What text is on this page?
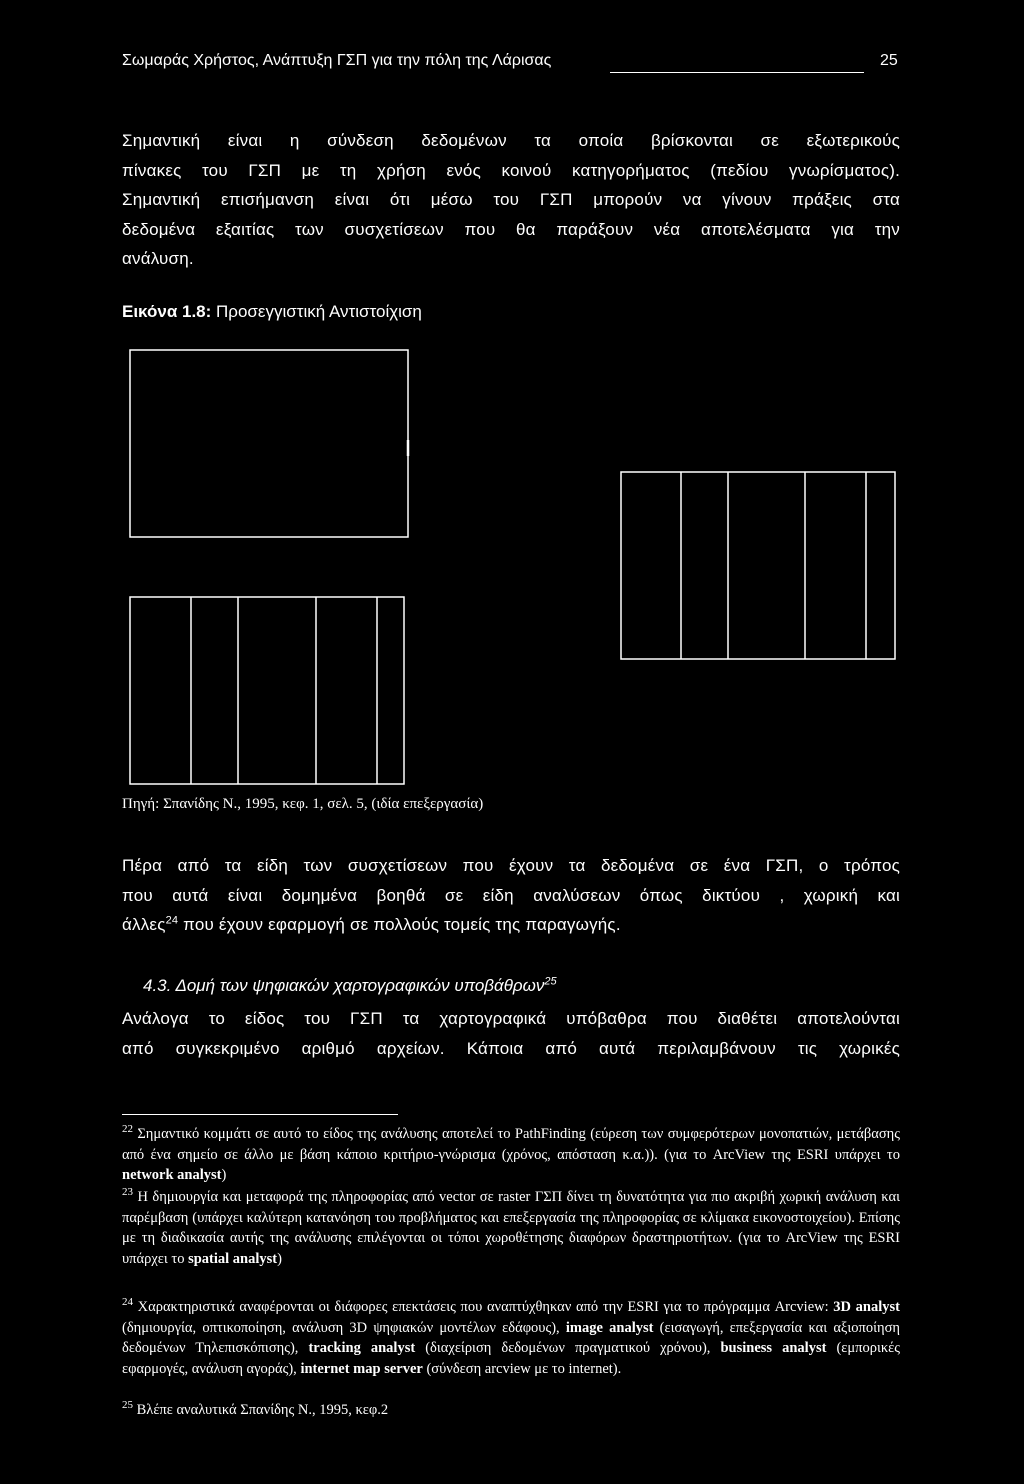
Σωμαράς Χρήστος, Ανάπτυξη ΓΣΠ για την πόλη της Λάρισας	25
Σημαντική είναι η σύνδεση δεδομένων τα οποία βρίσκονται σε εξωτερικούς
πίνακες του ΓΣΠ με τη χρήση ενός κοινού κατηγορήματος (πεδίου γνωρίσματος).
Σημαντική επισήμανση είναι ότι μέσω του ΓΣΠ μπορούν να γίνουν πράξεις στα
δεδομένα εξαιτίας των συσχετίσεων που θα παράξουν νέα αποτελέσματα για την
ανάλυση.
Εικόνα 1.8: Προσεγγιστική Αντιστοίχιση
Πηγή: Σπανίδης Ν., 1995, κεφ. 1, σελ. 5, (ιδία επεξεργασία)
Πέρα από τα είδη των συσχετίσεων που έχουν τα δεδομένα σε ένα ΓΣΠ, ο τρόπος
που αυτά είναι δομημένα βοηθά σε είδη αναλύσεων όπως δικτύου , χωρική και
άλλες$^{24}$ που έχουν εφαρμογή σε πολλούς τομείς της παραγωγής.
4.3. Δομή των ψηφιακών χαρτογραφικών υποβάθρων$^{25}$
Ανάλογα το είδος του ΓΣΠ τα χαρτογραφικά υπόβαθρα που διαθέτει αποτελούνται
από συγκεκριμένο αριθμό αρχείων. Κάποια από αυτά περιλαμβάνουν τις χωρικές
$^{22}$ Σημαντικό κομμάτι σε αυτό το είδος της ανάλυσης αποτελεί το PathFinding (εύρεση των συμφερότερων μονοπατιών, μετάβασης από ένα σημείο σε άλλο με βάση κάποιο κριτήριο-γνώρισμα (χρόνος, απόσταση κ.α.)). (για το ArcView της ESRI υπάρχει το network analyst)
$^{23}$ Η δημιουργία και μεταφορά της πληροφορίας από vector σε raster ΓΣΠ δίνει τη δυνατότητα για πιο ακριβή χωρική ανάλυση και παρέμβαση (υπάρχει καλύτερη κατανόηση του προβλήματος και επεξεργασία της πληροφορίας σε κλίμακα εικονοστοιχείου). Επίσης με τη διαδικασία αυτής της ανάλυσης επιλέγονται οι τόποι χωροθέτησης διαφόρων δραστηριοτήτων. (για το ArcView της ESRI υπάρχει το spatial analyst)
$^{24}$ Χαρακτηριστικά αναφέρονται οι διάφορες επεκτάσεις που αναπτύχθηκαν από την ESRI για το πρόγραμμα Arcview: 3D analyst (δημιουργία, οπτικοποίηση, ανάλυση 3D ψηφιακών μοντέλων εδάφους), image analyst (εισαγωγή, επεξεργασία και αξιοποίηση δεδομένων Τηλεπισκόπισης), tracking analyst (διαχείριση δεδομένων πραγματικού χρόνου), business analyst (εμπορικές εφαρμογές, ανάλυση αγοράς), internet map server (σύνδεση arcview με το internet).
$^{25}$ Βλέπε αναλυτικά Σπανίδης Ν., 1995, κεφ.2
